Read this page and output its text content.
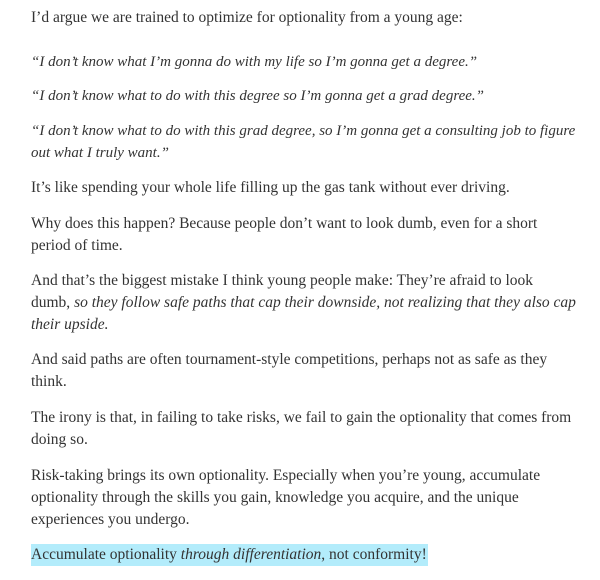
I’d argue we are trained to optimize for optionality from a young age:

“I don’t know what I’m gonna do with my life so I’m gonna get a degree.”

“I don’t know what to do with this degree so I’m gonna get a grad degree.”

“I don’t know what to do with this grad degree, so I’m gonna get a consulting job to figure out what I truly want.”

It’s like spending your whole life filling up the gas tank without ever driving.

Why does this happen? Because people don’t want to look dumb, even for a short period of time.

And that’s the biggest mistake I think young people make: They’re afraid to look dumb, so they follow safe paths that cap their downside, not realizing that they also cap their upside.

And said paths are often tournament-style competitions, perhaps not as safe as they think.

The irony is that, in failing to take risks, we fail to gain the optionality that comes from doing so.

Risk-taking brings its own optionality. Especially when you’re young, accumulate optionality through the skills you gain, knowledge you acquire, and the unique experiences you undergo.

Accumulate optionality through differentiation, not conformity!
